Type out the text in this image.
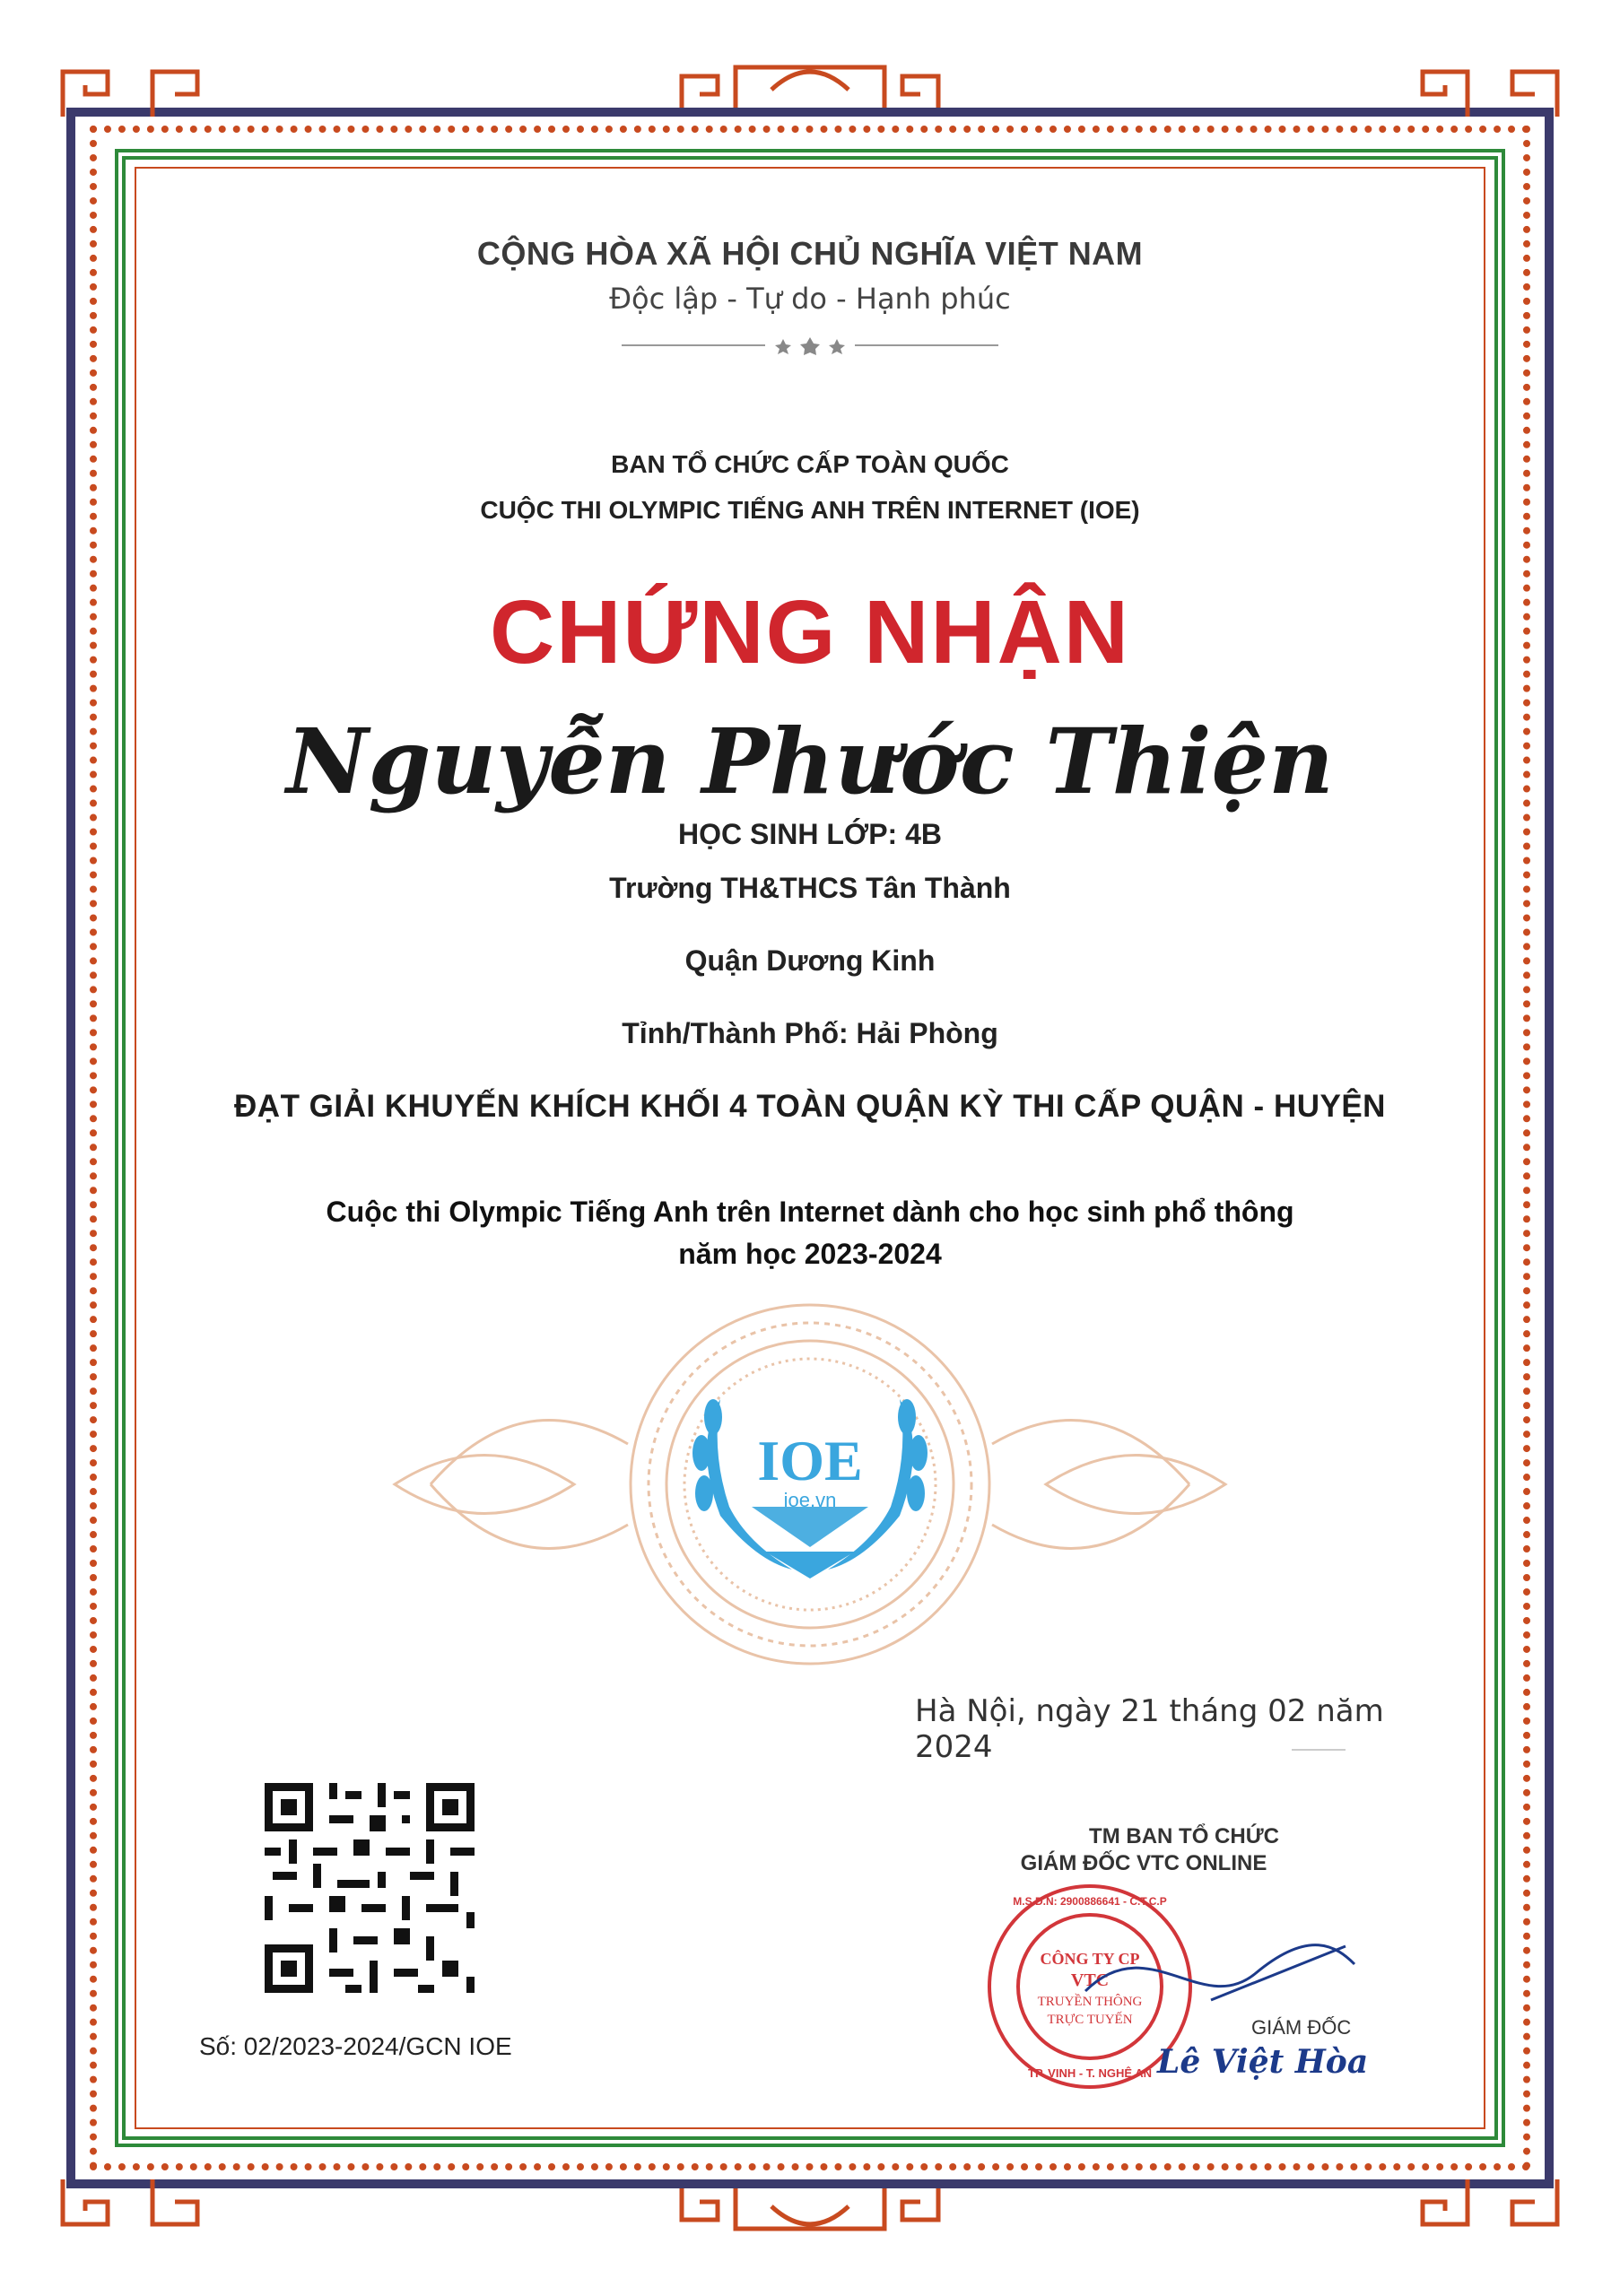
CỘNG HÒA XÃ HỘI CHỦ NGHĨA VIỆT NAM
Độc lập - Tự do - Hạnh phúc
BAN TỔ CHỨC CẤP TOÀN QUỐC
CUỘC THI OLYMPIC TIẾNG ANH TRÊN INTERNET (IOE)
CHỨNG NHẬN
Nguyễn Phước Thiện
HỌC SINH LỚP: 4B
Trường TH&THCS Tân Thành
Quận Dương Kinh
Tỉnh/Thành Phố: Hải Phòng
ĐẠT GIẢI KHUYẾN KHÍCH KHỐI 4 TOÀN QUẬN KỲ THI CẤP QUẬN - HUYỆN
Cuộc thi Olympic Tiếng Anh trên Internet dành cho học sinh phổ thông
năm học 2023-2024
IOE
ioe.vn
Hà Nội, ngày 21 tháng 02 năm 2024
Số: 02/2023-2024/GCN IOE
TM BAN TỔ CHỨC
GIÁM ĐỐC VTC ONLINE
CÔNG TY CP
VTC
TRUYỀN THÔNG
TRỰC TUYẾN
M.S.D.N: 2900886641 - C.T.C.P
TP. VINH - T. NGHỆ AN
GIÁM ĐỐC
Lê Việt Hòa
